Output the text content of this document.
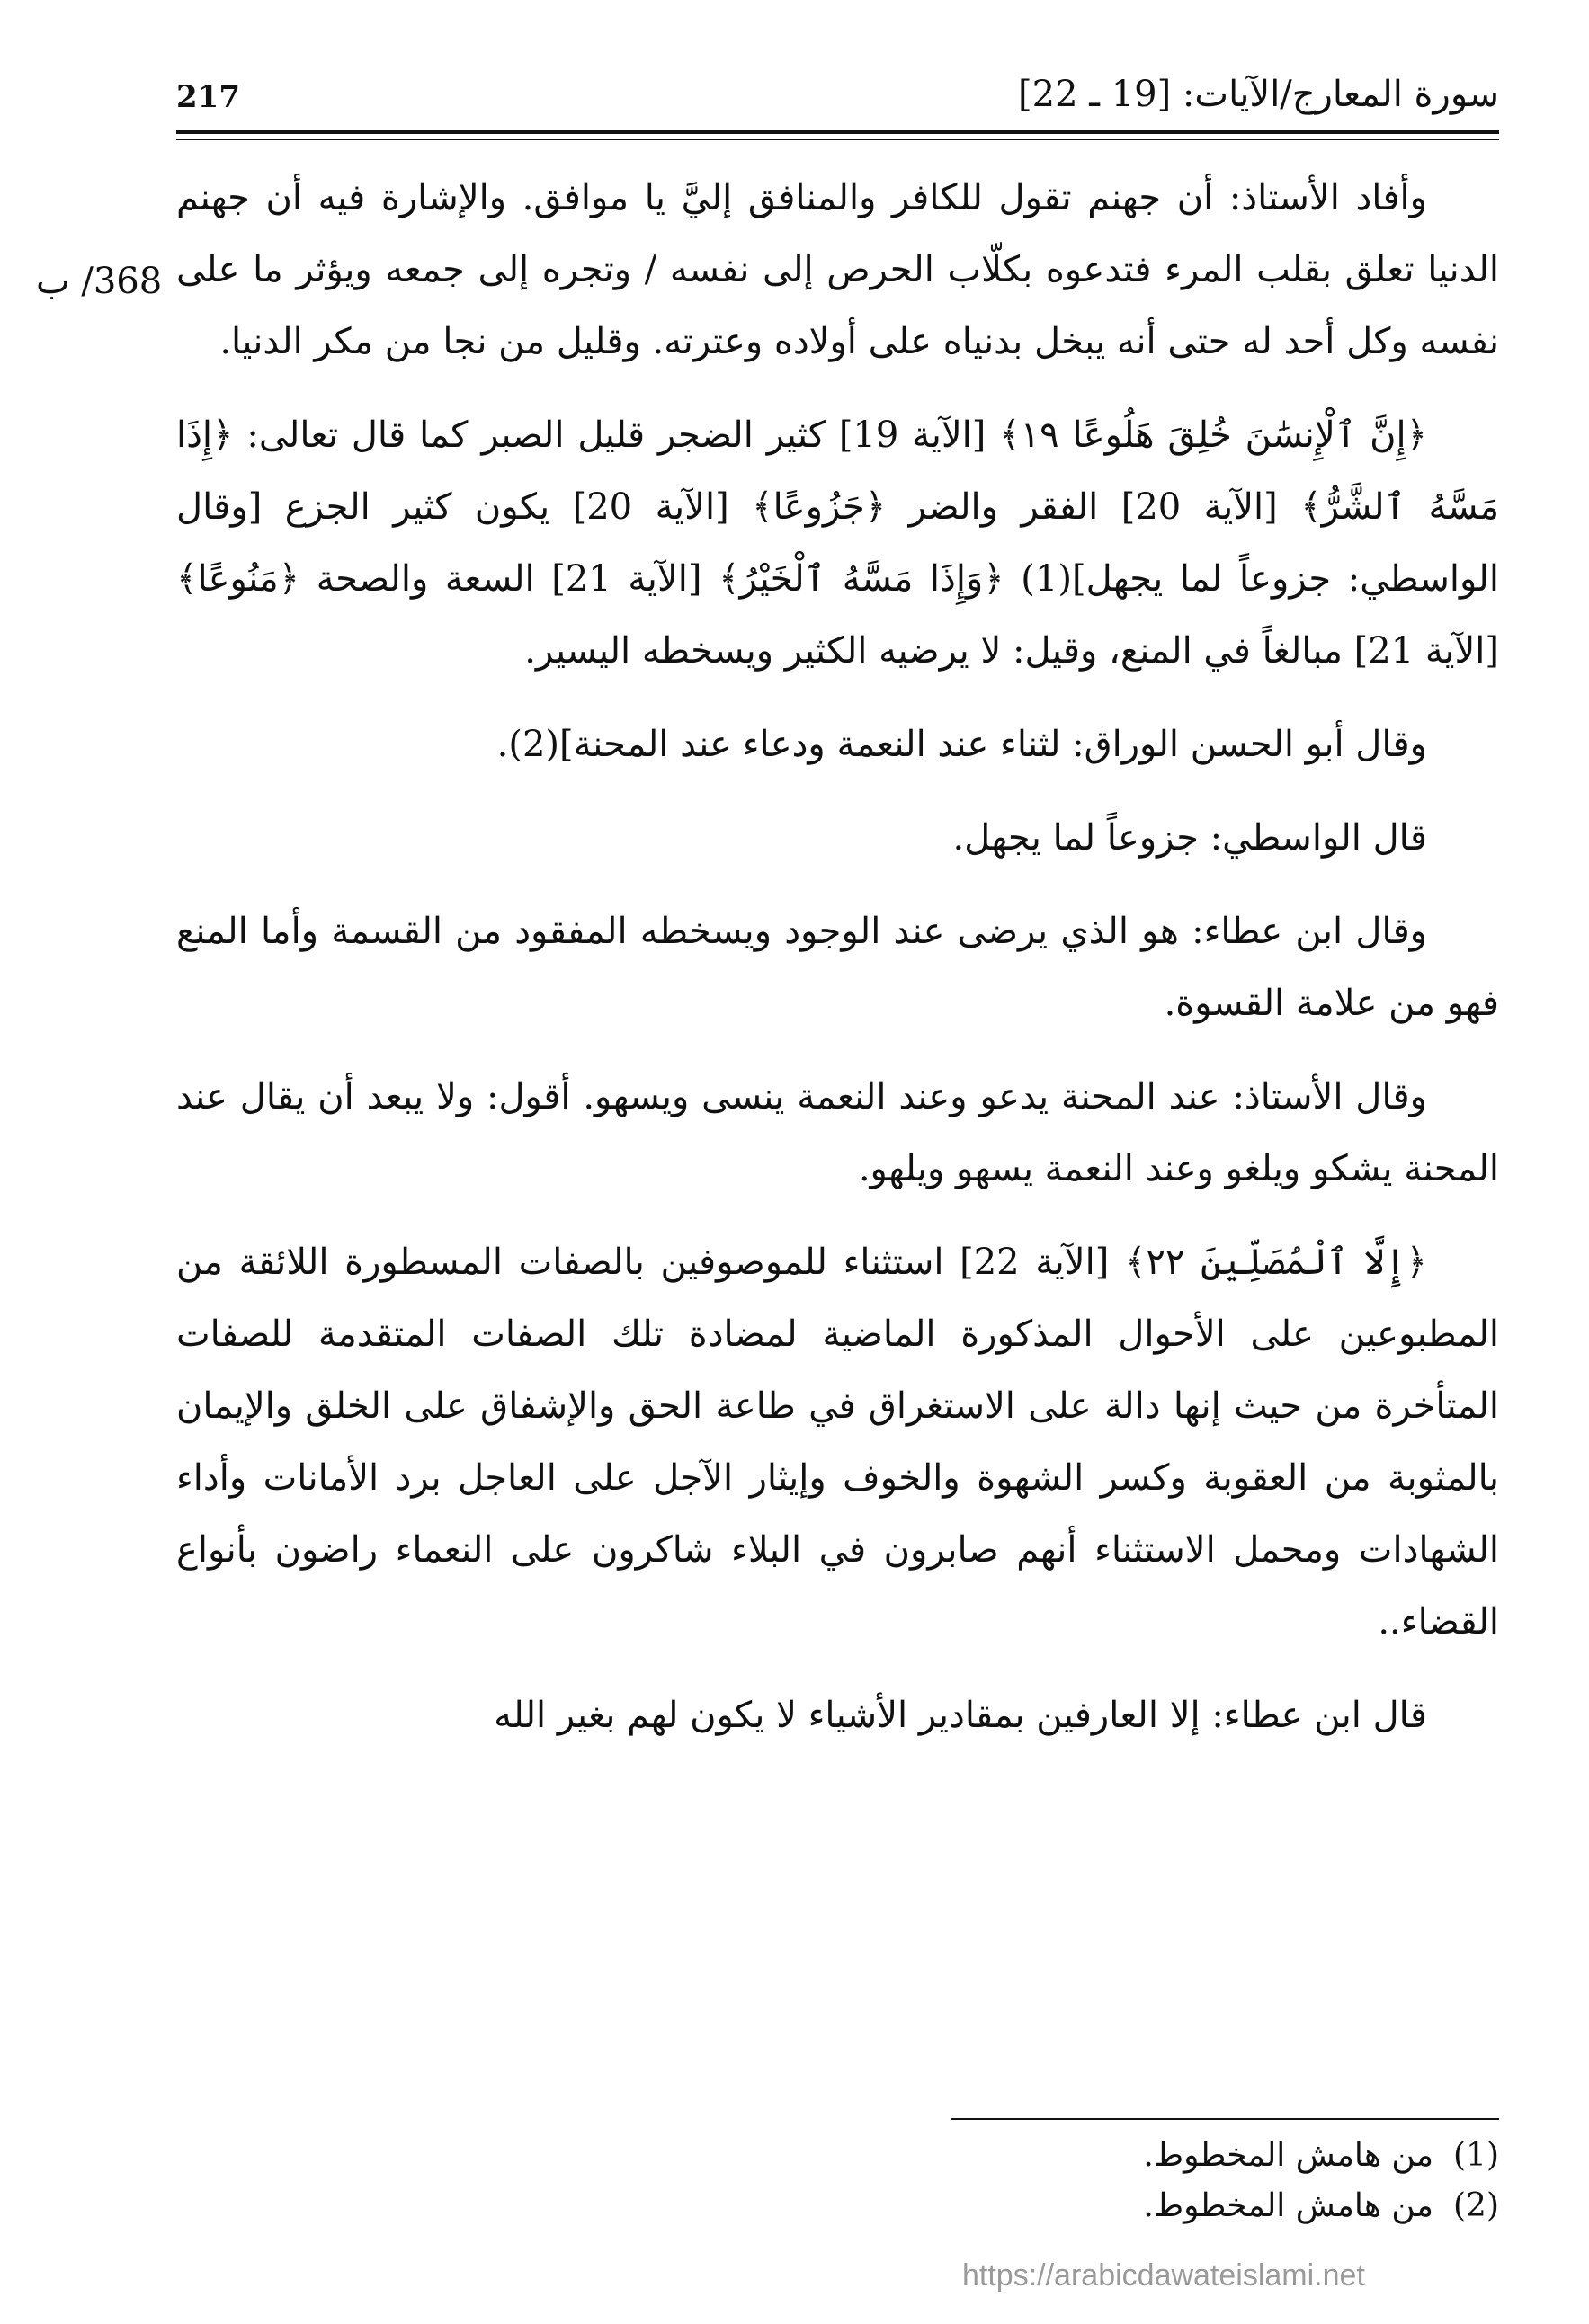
217	سورة المعارج/الآيات: [19 ـ 22]
368/ ب

وأفاد الأستاذ: أن جهنم تقول للكافر والمنافق إليَّ يا موافق. والإشارة فيه أن جهنم الدنيا تعلق بقلب المرء فتدعوه بكلّاب الحرص إلى نفسه / وتجره إلى جمعه ويؤثر ما على نفسه وكل أحد له حتى أنه يبخل بدنياه على أولاده وعترته. وقليل من نجا من مكر الدنيا.

﴿إِنَّ ٱلْإِنسَٰنَ خُلِقَ هَلُوعًا ١٩﴾ [الآية 19] كثير الضجر قليل الصبر كما قال تعالى: ﴿إِذَا مَسَّهُ ٱلشَّرُّ﴾ [الآية 20] الفقر والضر ﴿جَزُوعًا﴾ [الآية 20] يكون كثير الجزع [وقال الواسطي: جزوعاً لما يجهل](1) ﴿وَإِذَا مَسَّهُ ٱلْخَيْرُ﴾ [الآية 21] السعة والصحة ﴿مَنُوعًا﴾ [الآية 21] مبالغاً في المنع، وقيل: لا يرضيه الكثير ويسخطه اليسير.

وقال أبو الحسن الوراق: لثناء عند النعمة ودعاء عند المحنة](2).

قال الواسطي: جزوعاً لما يجهل.

وقال ابن عطاء: هو الذي يرضى عند الوجود ويسخطه المفقود من القسمة وأما المنع فهو من علامة القسوة.

وقال الأستاذ: عند المحنة يدعو وعند النعمة ينسى ويسهو. أقول: ولا يبعد أن يقال عند المحنة يشكو ويلغو وعند النعمة يسهو ويلهو.

﴿إِلَّا ٱلْمُصَلِّينَ ٢٢﴾ [الآية 22] استثناء للموصوفين بالصفات المسطورة اللائقة من المطبوعين على الأحوال المذكورة الماضية لمضادة تلك الصفات المتقدمة للصفات المتأخرة من حيث إنها دالة على الاستغراق في طاعة الحق والإشفاق على الخلق والإيمان بالمثوبة من العقوبة وكسر الشهوة والخوف وإيثار الآجل على العاجل برد الأمانات وأداء الشهادات ومحمل الاستثناء أنهم صابرون في البلاء شاكرون على النعماء راضون بأنواع القضاء..

قال ابن عطاء: إلا العارفين بمقادير الأشياء لا يكون لهم بغير الله

(1)من هامش المخطوط.
(2)من هامش المخطوط.
https://arabicdawateislami.net
